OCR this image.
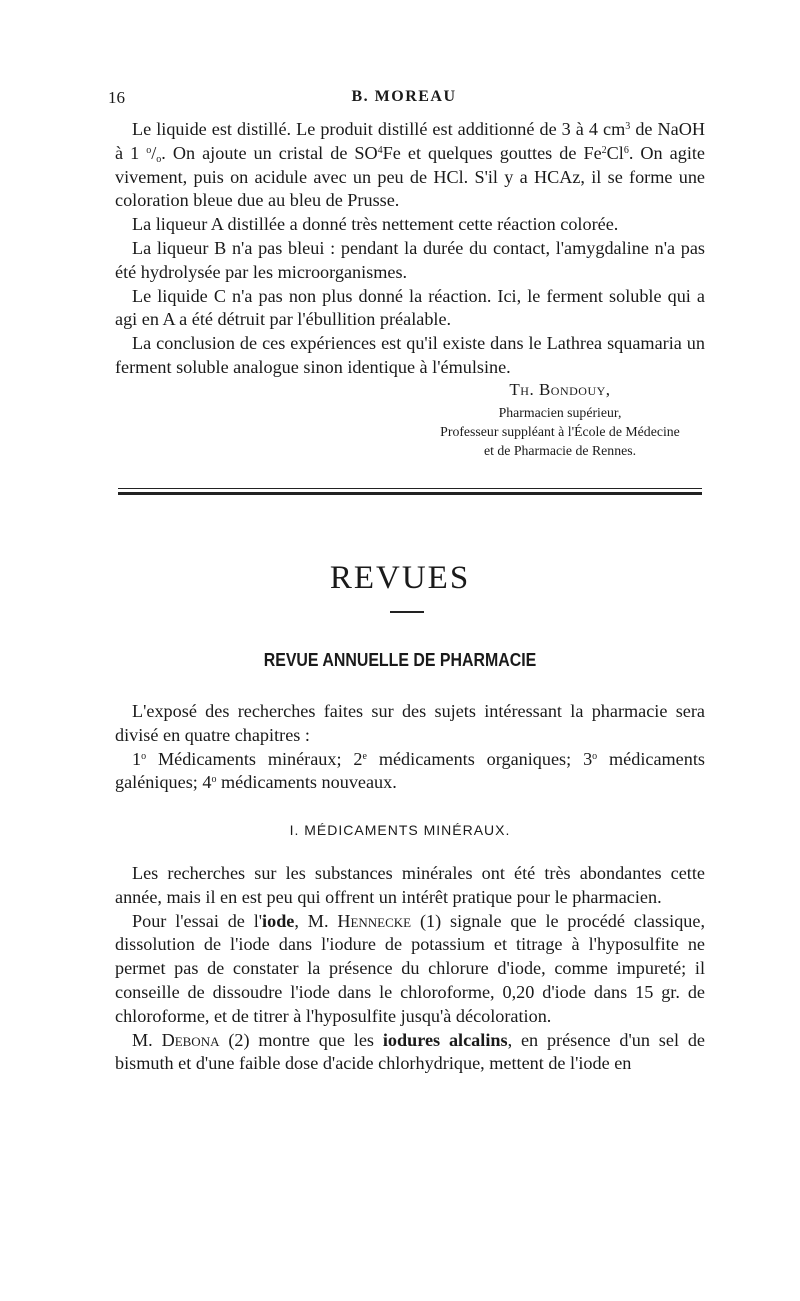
16	B. MOREAU

Le liquide est distillé. Le produit distillé est additionné de 3 à 4 $cm^3$ de NaOH à 1 $^o/_o$. On ajoute un cristal de $SO^4Fe$ et quelques gouttes de Fe$^2$Cl$^6$. On agite vivement, puis on acidule avec un peu de HCl. S'il y a HCAz, il se forme une coloration bleue due au bleu de Prusse.

La liqueur A distillée a donné très nettement cette réaction colorée.

La liqueur B n'a pas bleui : pendant la durée du contact, l'amygdaline n'a pas été hydrolysée par les microorganismes.

Le liquide C n'a pas non plus donné la réaction. Ici, le ferment soluble qui a agi en A a été détruit par l'ébullition préalable.

La conclusion de ces expériences est qu'il existe dans le Lathrea squamaria un ferment soluble analogue sinon identique à l'émulsine.

Th. Bondouy,
Pharmacien supérieur,
Professeur suppléant à l'École de Médecine
et de Pharmacie de Rennes.
REVUES
REVUE ANNUELLE DE PHARMACIE

L'exposé des recherches faites sur des sujets intéressant la pharmacie sera divisé en quatre chapitres :

1$^o$ Médicaments minéraux; 2e médicaments organiques; 3$^o$ médicaments galéniques; 4$^o$ médicaments nouveaux.

I. MÉDICAMENTS MINÉRAUX.

Les recherches sur les substances minérales ont été très abondantes cette année, mais il en est peu qui offrent un intérêt pratique pour le pharmacien.

Pour l'essai de l'iode, M. Hennecke (1) signale que le procédé classique, dissolution de l'iode dans l'iodure de potassium et titrage à l'hyposulfite ne permet pas de constater la présence du chlorure d'iode, comme impureté; il conseille de dissoudre l'iode dans le chloroforme, 0,20 d'iode dans 15 gr. de chloroforme, et de titrer à l'hyposulfite jusqu'à décoloration.

M. Debona (2) montre que les iodures alcalins, en présence d'un sel de bismuth et d'une faible dose d'acide chlorhydrique, mettent de l'iode en
